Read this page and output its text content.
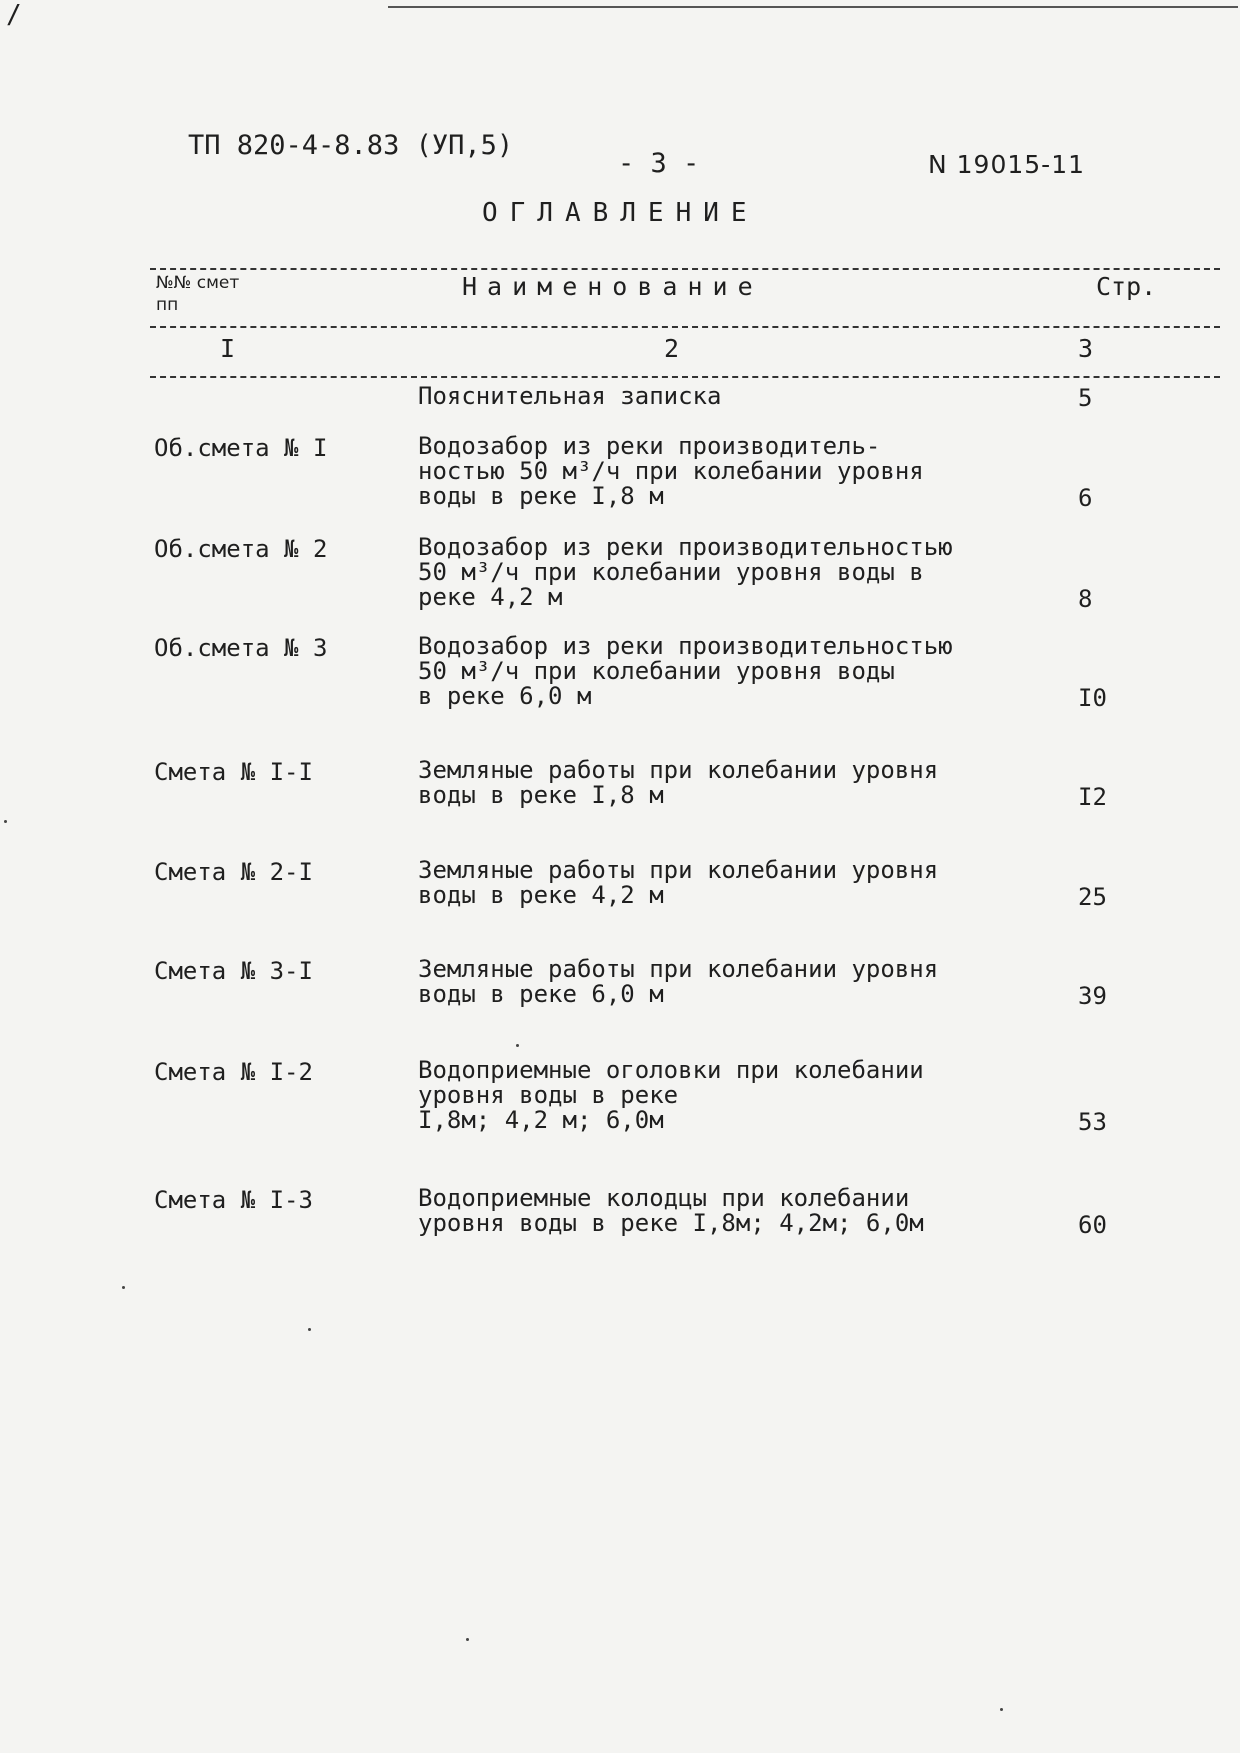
/
ТП 820-4-8.83 (УП,5)
- 3 -	N 19015-11
ОГЛАВЛЕНИЕ
№№ смет
пп
Наименование	Стр.
I	2	3
Пояснительная записка	5
Об.смета № I	Водозабор из реки производитель-
ностью 50 м³/ч при колебании уровня
воды в реке I,8 м	6
Об.смета № 2	Водозабор из реки производительностью
50 м³/ч при колебании уровня воды в
реке 4,2 м	8
Об.смета № 3	Водозабор из реки производительностью
50 м³/ч при колебании уровня воды
в реке 6,0 м	I0
Смета № I-I	Земляные работы при колебании уровня
воды в реке I,8 м	I2
Смета № 2-I	Земляные работы при колебании уровня
воды в реке 4,2 м	25
Смета № 3-I	Земляные работы при колебании уровня
воды в реке 6,0 м	39
Смета № I-2	Водоприемные оголовки при колебании
уровня воды в реке
I,8м; 4,2 м; 6,0м	53
Смета № I-3	Водоприемные колодцы при колебании
уровня воды в реке I,8м; 4,2м; 6,0м	60
